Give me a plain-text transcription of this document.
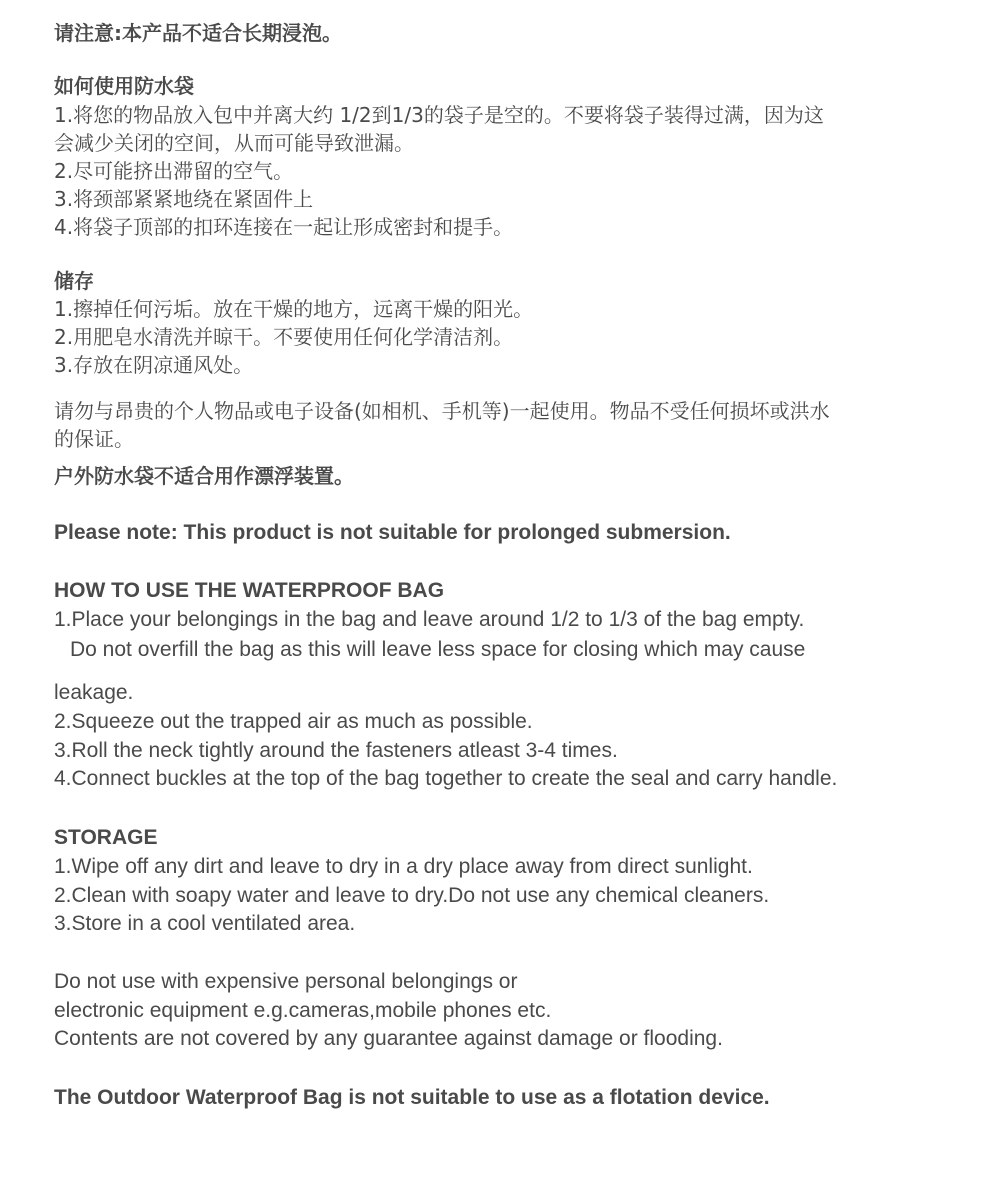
请注意:本产品不适合长期浸泡。
如何使用防水袋
1.将您的物品放入包中并离大约 1/2到1/3的袋子是空的。不要将袋子装得过满，因为这
会减少关闭的空间，从而可能导致泄漏。
2.尽可能挤出滞留的空气。
3.将颈部紧紧地绕在紧固件上
4.将袋子顶部的扣环连接在一起让形成密封和提手。
储存
1.擦掉任何污垢。放在干燥的地方，远离干燥的阳光。
2.用肥皂水清洗并晾干。不要使用任何化学清洁剂。
3.存放在阴凉通风处。
请勿与昂贵的个人物品或电子设备(如相机、手机等)一起使用。物品不受任何损坏或洪水
的保证。
户外防水袋不适合用作漂浮装置。
Please note: This product is not suitable for prolonged submersion.
HOW TO USE THE WATERPROOF BAG
1.Place your belongings in the bag and leave around 1/2 to 1/3 of the bag empty.
Do not overfill the bag as this will leave less space for closing which may cause
leakage.
2.Squeeze out the trapped air as much as possible.
3.Roll the neck tightly around the fasteners atleast 3-4 times.
4.Connect buckles at the top of the bag together to create the seal and carry handle.
STORAGE
1.Wipe off any dirt and leave to dry in a dry place away from direct sunlight.
2.Clean with soapy water and leave to dry.Do not use any chemical cleaners.
3.Store in a cool ventilated area.
Do not use with expensive personal belongings or
electronic equipment e.g.cameras,mobile phones etc.
Contents are not covered by any guarantee against damage or flooding.
The Outdoor Waterproof Bag is not suitable to use as a flotation device.
